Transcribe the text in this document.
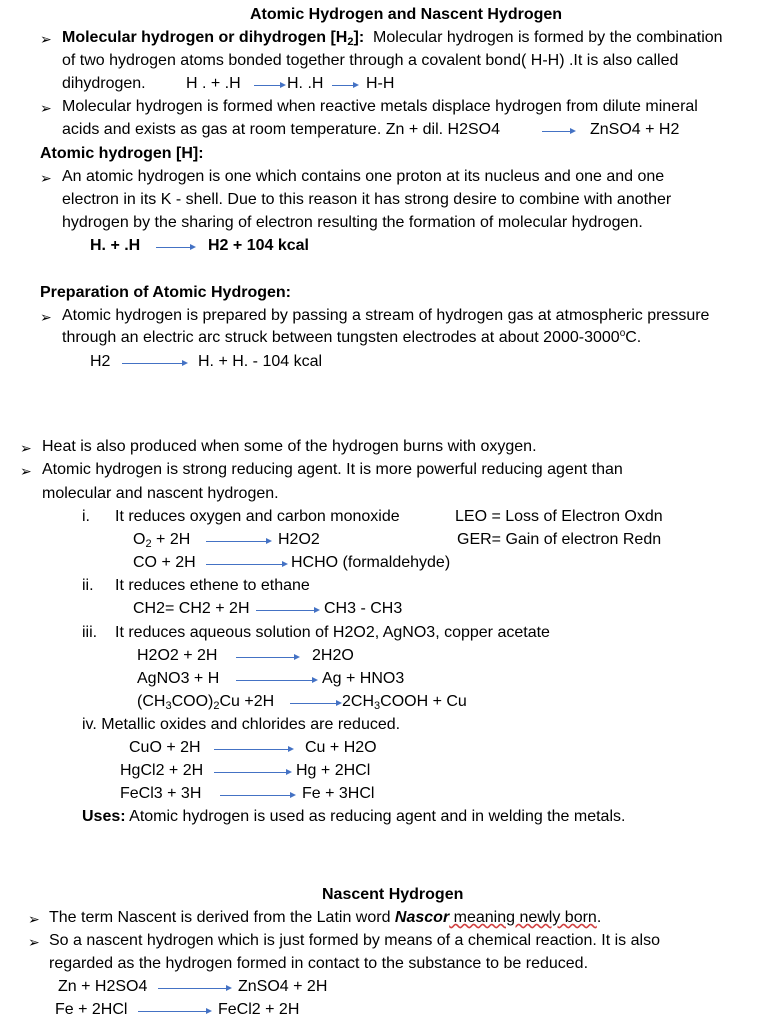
Atomic Hydrogen and Nascent Hydrogen
➢ Molecular hydrogen or dihydrogen $[H_2]$: Molecular hydrogen is formed by the combination
of two hydrogen atoms bonded together through a covalent bond( H-H) .It is also called
dihydrogen.	H . + .H	H. .H	H-H
➢ Molecular hydrogen is formed when reactive metals displace hydrogen from dilute mineral
acids and exists as gas at room temperature. Zn + dil. H2SO4	ZnSO4 + H2
Atomic hydrogen [H]:
➢ An atomic hydrogen is one which contains one proton at its nucleus and one and one
electron in its K - shell. Due to this reason it has strong desire to combine with another
hydrogen by the sharing of electron resulting the formation of molecular hydrogen.
H. + .H	H2 + 104 kcal
Preparation of Atomic Hydrogen:
➢ Atomic hydrogen is prepared by passing a stream of hydrogen gas at atmospheric pressure
through an electric arc struck between tungsten electrodes at about 2000-3000$^o$C.
H2	H. + H. - 104 kcal
➢ Heat is also produced when some of the hydrogen burns with oxygen.
➢ Atomic hydrogen is strong reducing agent. It is more powerful reducing agent than
molecular and nascent hydrogen.
i. It reduces oxygen and carbon monoxide	LEO = Loss of Electron Oxdn
GER= Gain of electron Redn
$O_2 + 2H$	H2O2
CO + 2H	HCHO (formaldehyde)
ii. It reduces ethene to ethane
CH2= CH2 + 2H	CH3 - CH3
iii. It reduces aqueous solution of H2O2, AgNO3, copper acetate
H2O2 + 2H	2H2O
AgNO3 + H	Ag + HNO3
$(CH_3COO)_2Cu +2H$	$2CH_3COOH + Cu$
iv. Metallic oxides and chlorides are reduced.
CuO + 2H	Cu + H2O
HgCl2 + 2H	Hg + 2HCl
FeCl3 + 3H	Fe + 3HCl
Uses: Atomic hydrogen is used as reducing agent and in welding the metals.
Nascent Hydrogen
➢ The term Nascent is derived from the Latin word Nascor meaning newly born.
➢ So a nascent hydrogen which is just formed by means of a chemical reaction. It is also
regarded as the hydrogen formed in contact to the substance to be reduced.
Zn + H2SO4	ZnSO4 + 2H
Fe + 2HCl	FeCl2 + 2H
